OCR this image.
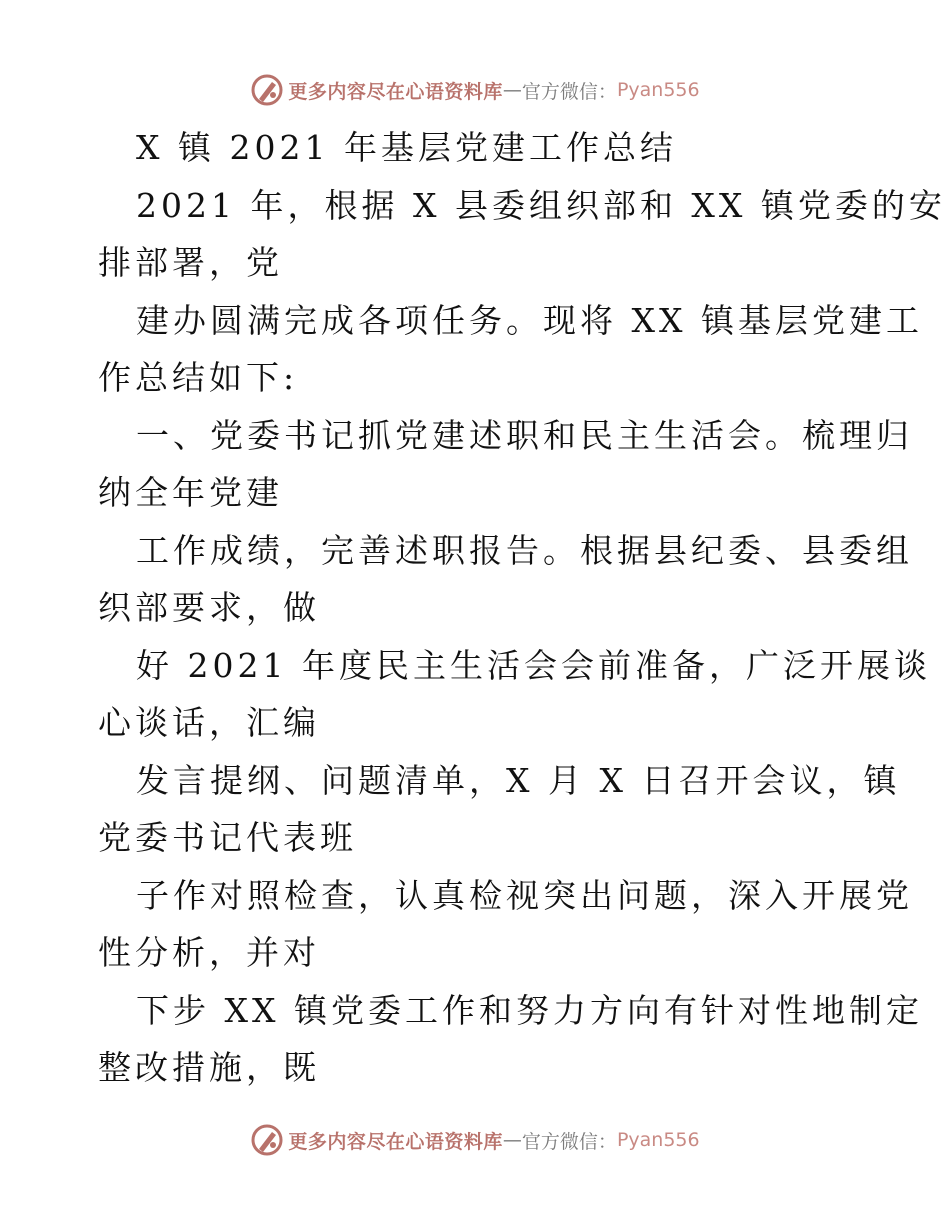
更多内容尽在心语资料库 — 官方微信： Pyan556
X 镇 2021 年基层党建工作总结
2021 年，根据 X 县委组织部和 XX 镇党委的安
排部署，党
建办圆满完成各项任务。现将 XX 镇基层党建工
作总结如下:
一、党委书记抓党建述职和民主生活会。梳理归
纳全年党建
工作成绩，完善述职报告。根据县纪委、县委组
织部要求，做
好 2021 年度民主生活会会前准备，广泛开展谈
心谈话，汇编
发言提纲、问题清单，X 月 X 日召开会议，镇
党委书记代表班
子作对照检查，认真检视突出问题，深入开展党
性分析，并对
下步 XX 镇党委工作和努力方向有针对性地制定
整改措施，既
更多内容尽在心语资料库 — 官方微信： Pyan556
